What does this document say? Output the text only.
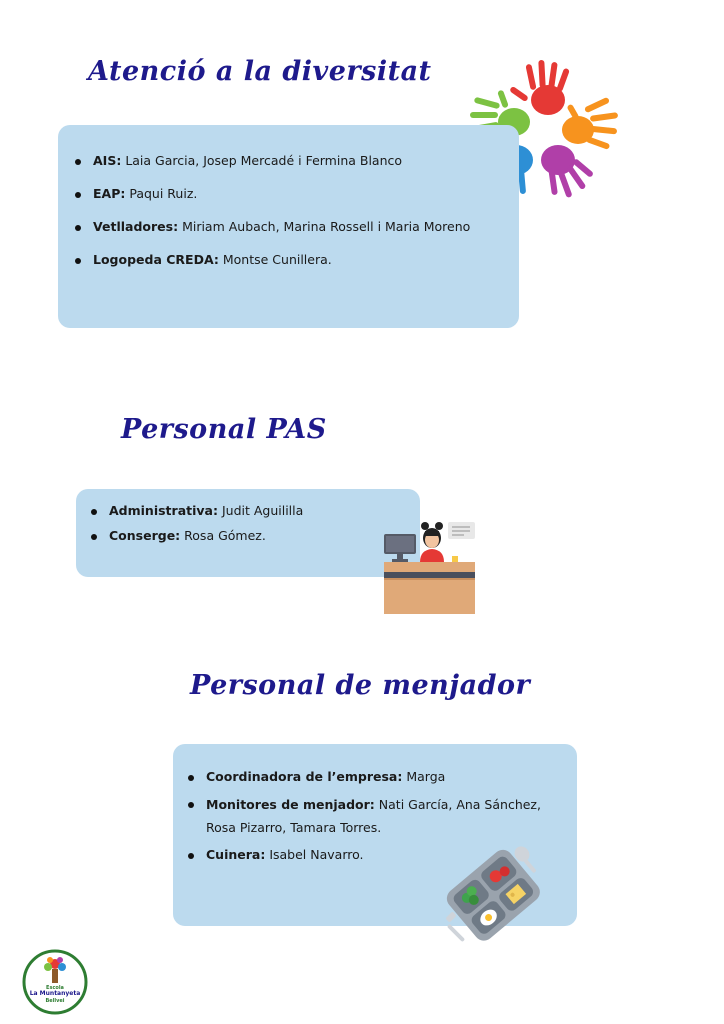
Atenció a la diversitat
AIS: Laia Garcia, Josep Mercadé i Fermina Blanco
EAP: Paqui Ruiz.
Vetlladores: Miriam Aubach, Marina Rossell i Maria Moreno
Logopeda CREDA: Montse Cunillera.
Personal PAS
Administrativa: Judit Aguililla
Conserge: Rosa Gómez.
Personal de menjador
Coordinadora de l’empresa: Marga
Monitores de menjador: Nati García, Ana Sánchez, Rosa Pizarro, Tamara Torres.
Cuinera: Isabel Navarro.
Escola
La Muntanyeta
Bellvei
